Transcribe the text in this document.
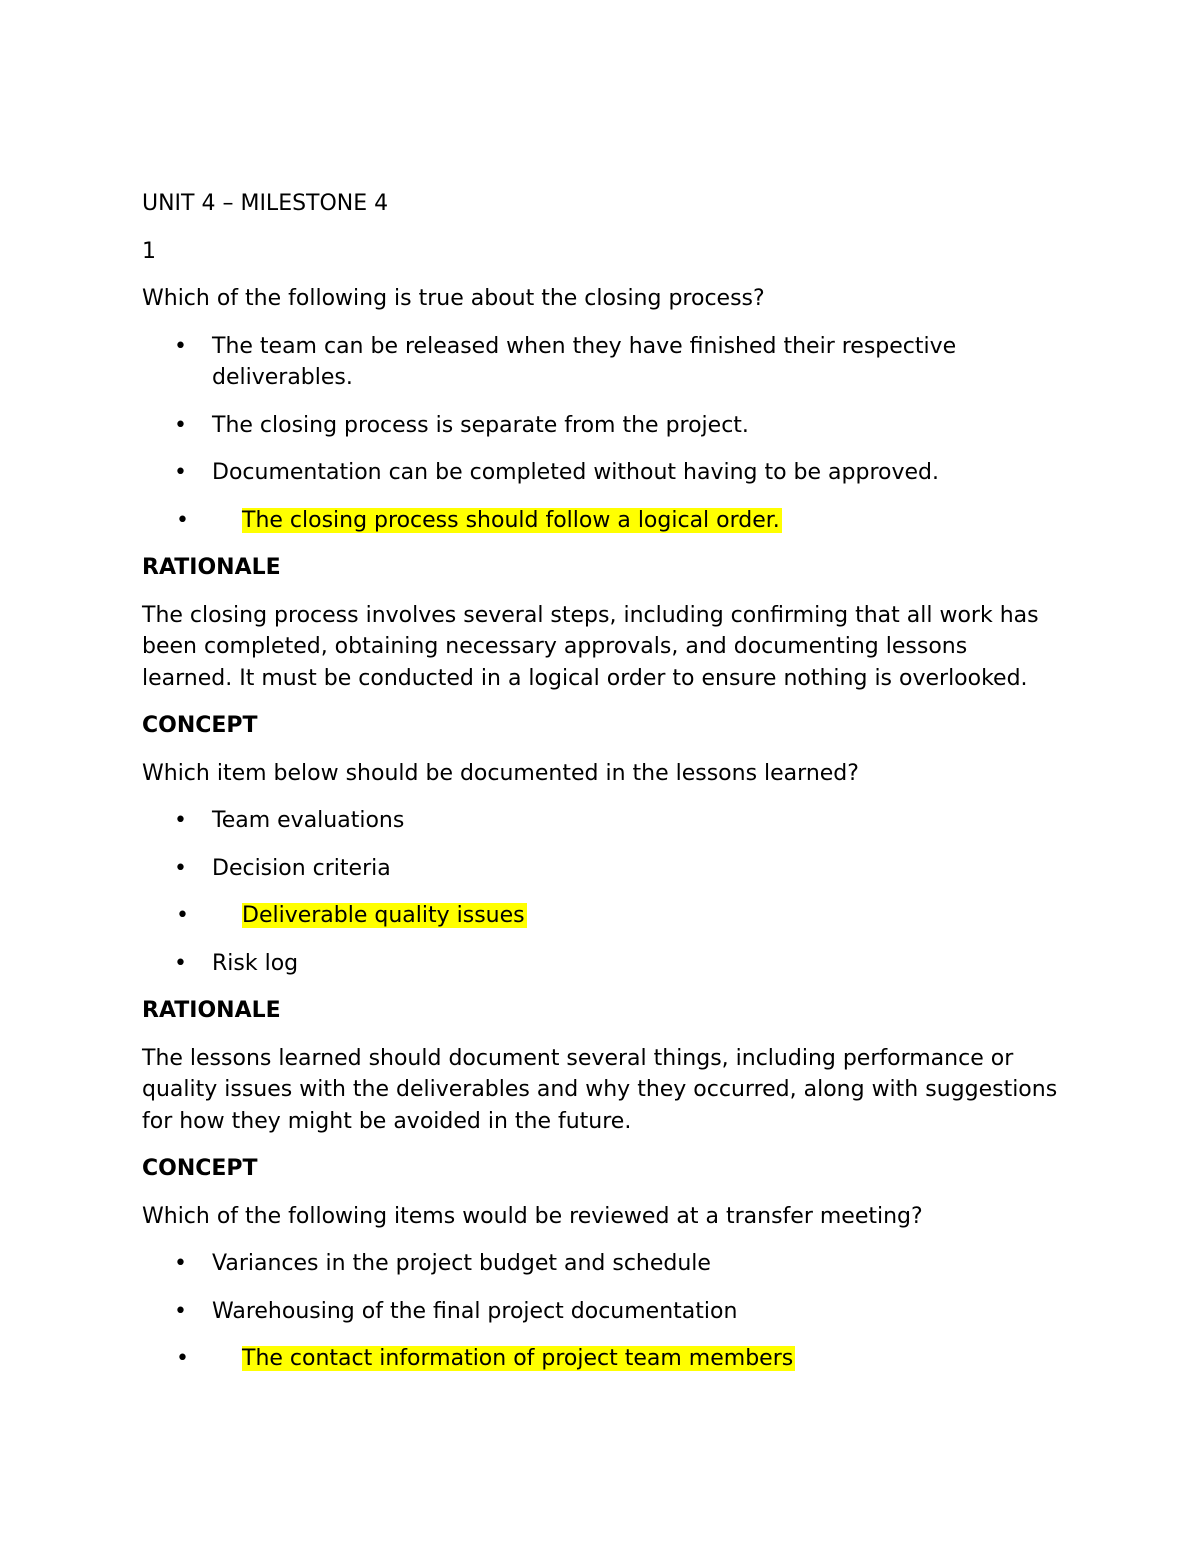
UNIT 4 – MILESTONE 4
1
Which of the following is true about the closing process?
• The team can be released when they have finished their respective deliverables.
• The closing process is separate from the project.
• Documentation can be completed without having to be approved.
•	The closing process should follow a logical order.
RATIONALE
The closing process involves several steps, including confirming that all work has been completed, obtaining necessary approvals, and documenting lessons learned. It must be conducted in a logical order to ensure nothing is overlooked.
CONCEPT
Which item below should be documented in the lessons learned?
• Team evaluations
• Decision criteria
•	Deliverable quality issues
• Risk log
RATIONALE
The lessons learned should document several things, including performance or quality issues with the deliverables and why they occurred, along with suggestions for how they might be avoided in the future.
CONCEPT
Which of the following items would be reviewed at a transfer meeting?
• Variances in the project budget and schedule
• Warehousing of the final project documentation
•	The contact information of project team members
